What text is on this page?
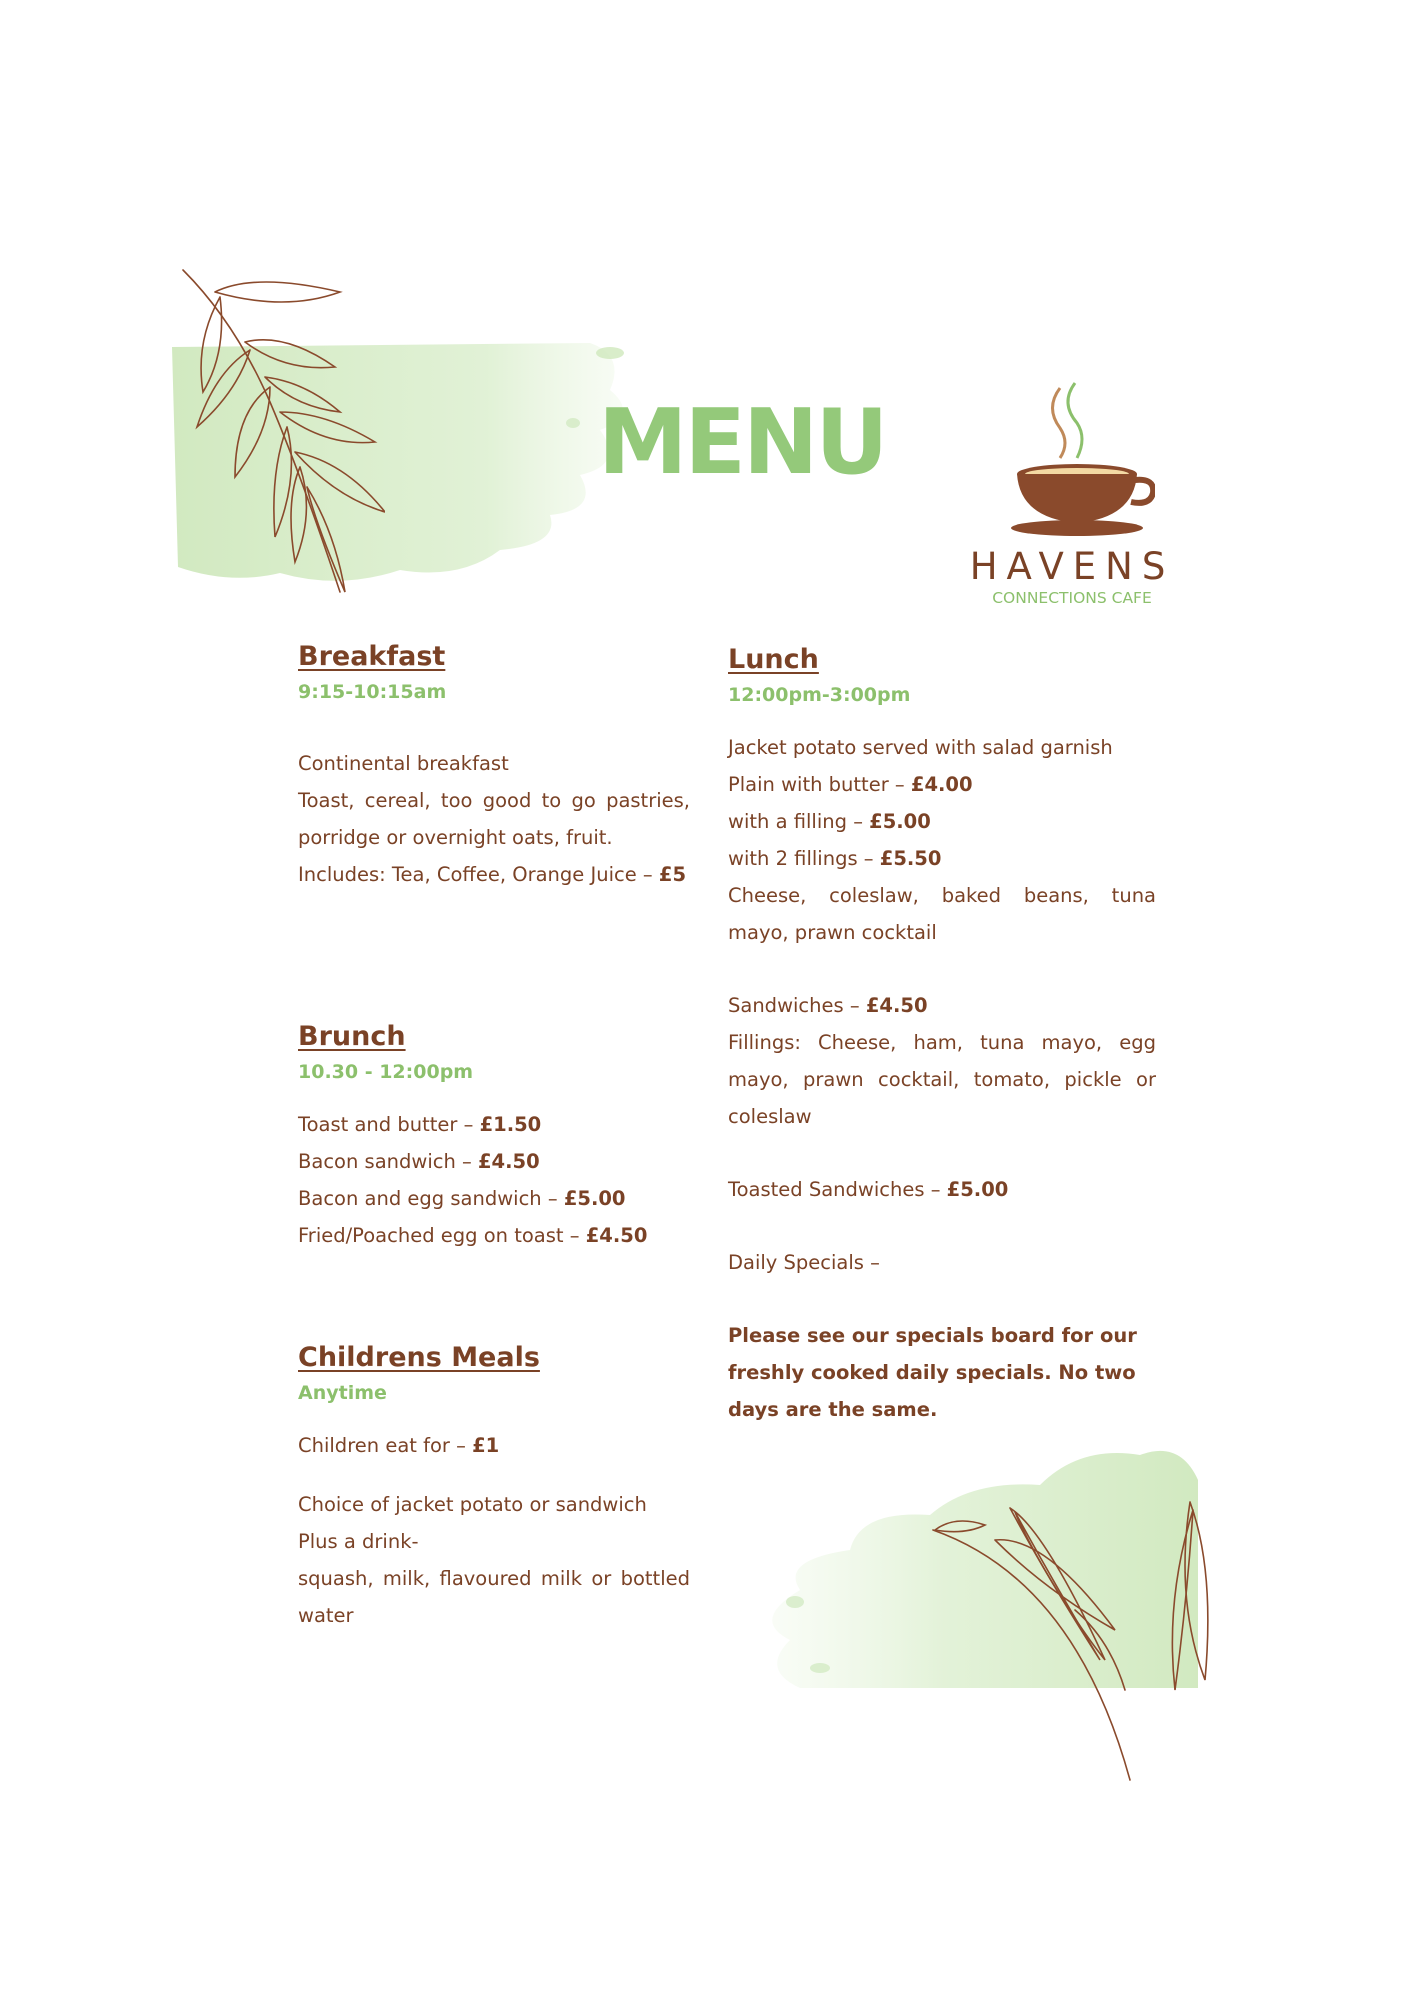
MENU
HAVENS
CONNECTIONS CAFE

Breakfast

9:15-10:15am

Continental breakfast

Toast, cereal, too good to go pastries, porridge or overnight oats, fruit.

Includes: Tea, Coffee, Orange Juice – £5

Brunch

10.30 - 12:00pm

Toast and butter – £1.50

Bacon sandwich – £4.50

Bacon and egg sandwich – £5.00

Fried/Poached egg on toast – £4.50

Childrens Meals

Anytime

Children eat for – £1

Choice of jacket potato or sandwich

Plus a drink-

squash, milk, flavoured milk or bottled water

Lunch

12:00pm-3:00pm

Jacket potato served with salad garnish

Plain with butter – £4.00

with a filling – £5.00

with 2 fillings – £5.50

Cheese, coleslaw, baked beans, tuna mayo, prawn cocktail

Sandwiches – £4.50

Fillings: Cheese, ham, tuna mayo, egg mayo, prawn cocktail, tomato, pickle or coleslaw

Toasted Sandwiches – £5.00

Daily Specials –

Please see our specials board for our freshly cooked daily specials. No two days are the same.
